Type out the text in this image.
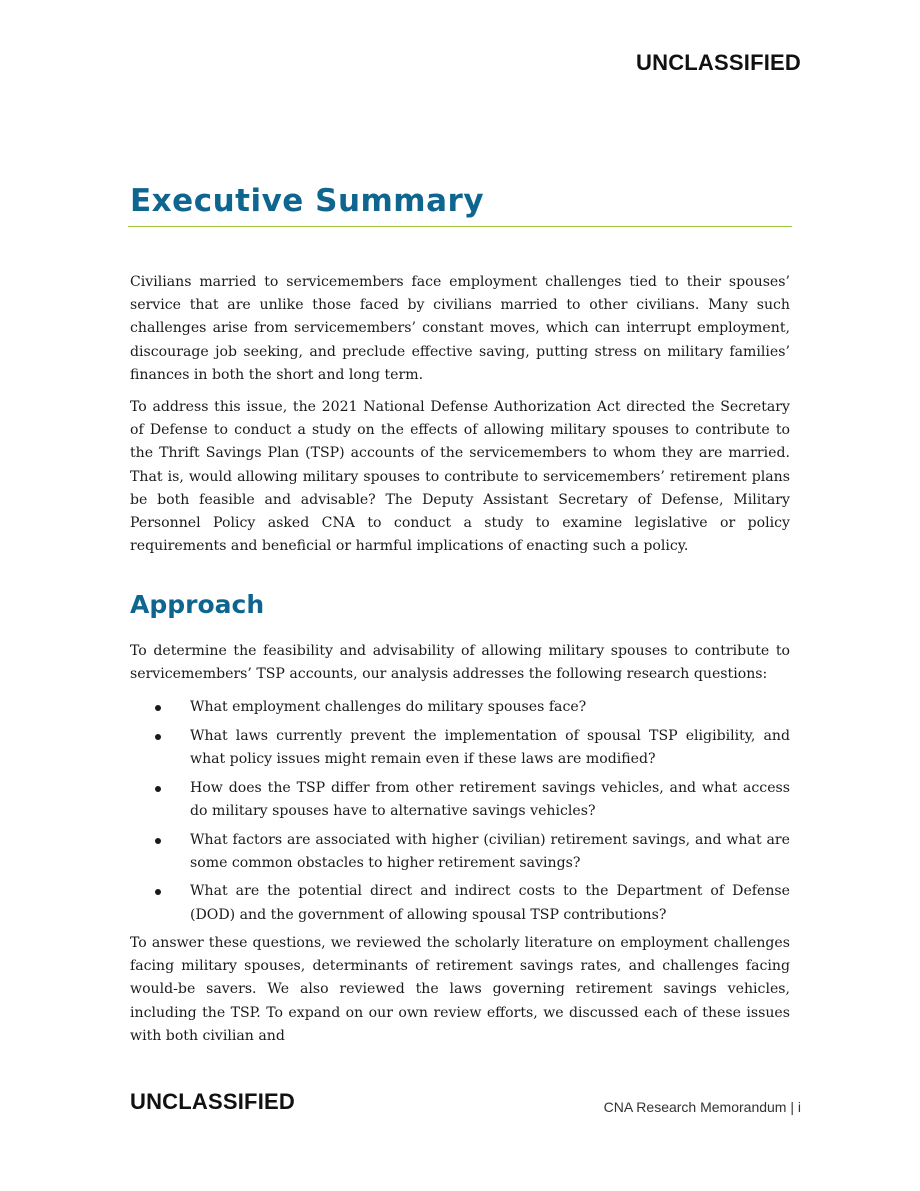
UNCLASSIFIED
Executive Summary

Civilians married to servicemembers face employment challenges tied to their spouses’ service that are unlike those faced by civilians married to other civilians. Many such challenges arise from servicemembers’ constant moves, which can interrupt employment, discourage job seeking, and preclude effective saving, putting stress on military families’ finances in both the short and long term.

To address this issue, the 2021 National Defense Authorization Act directed the Secretary of Defense to conduct a study on the effects of allowing military spouses to contribute to the Thrift Savings Plan (TSP) accounts of the servicemembers to whom they are married. That is, would allowing military spouses to contribute to servicemembers’ retirement plans be both feasible and advisable? The Deputy Assistant Secretary of Defense, Military Personnel Policy asked CNA to conduct a study to examine legislative or policy requirements and beneficial or harmful implications of enacting such a policy.

Approach

To determine the feasibility and advisability of allowing military spouses to contribute to servicemembers’ TSP accounts, our analysis addresses the following research questions:

What employment challenges do military spouses face?
What laws currently prevent the implementation of spousal TSP eligibility, and what policy issues might remain even if these laws are modified?
How does the TSP differ from other retirement savings vehicles, and what access do military spouses have to alternative savings vehicles?
What factors are associated with higher (civilian) retirement savings, and what are some common obstacles to higher retirement savings?
What are the potential direct and indirect costs to the Department of Defense (DOD) and the government of allowing spousal TSP contributions?

To answer these questions, we reviewed the scholarly literature on employment challenges facing military spouses, determinants of retirement savings rates, and challenges facing would-be savers. We also reviewed the laws governing retirement savings vehicles, including the TSP. To expand on our own review efforts, we discussed each of these issues with both civilian and

UNCLASSIFIED	CNA Research Memorandum | i
